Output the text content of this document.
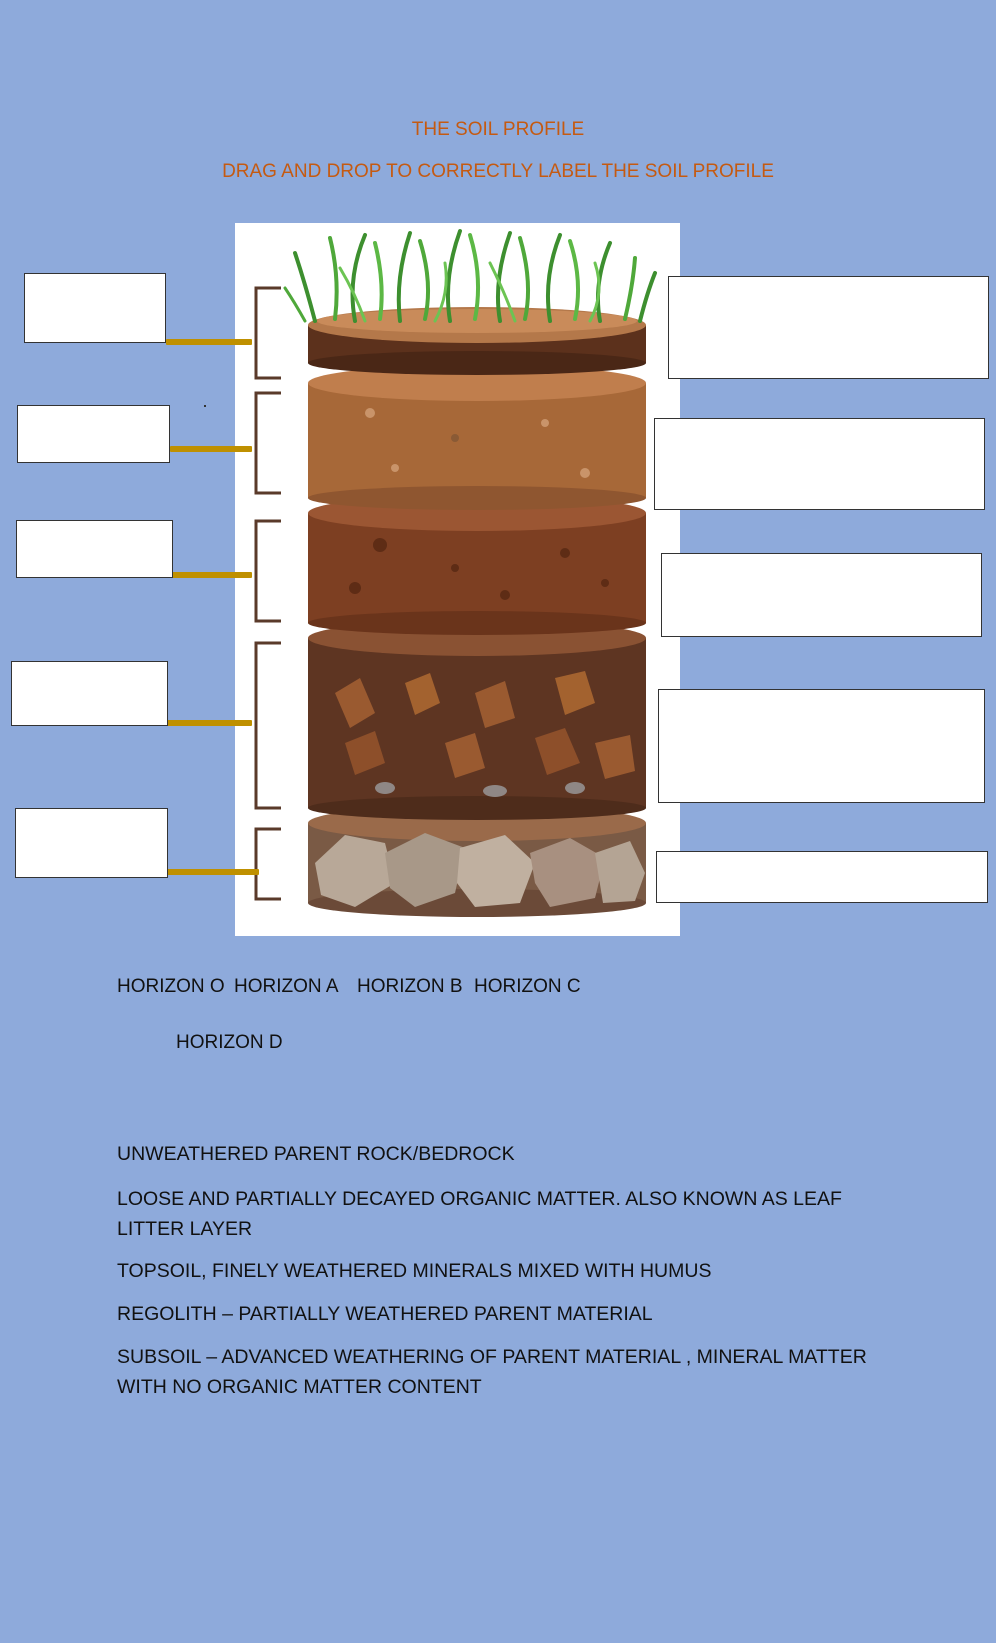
THE SOIL PROFILE
DRAG AND DROP TO CORRECTLY LABEL THE SOIL PROFILE
HORIZON O HORIZON A HORIZON B HORIZON C
HORIZON D
UNWEATHERED PARENT ROCK/BEDROCK
LOOSE AND PARTIALLY DECAYED ORGANIC MATTER. ALSO KNOWN AS LEAF LITTER LAYER
TOPSOIL, FINELY WEATHERED MINERALS MIXED WITH HUMUS
REGOLITH – PARTIALLY WEATHERED PARENT MATERIAL
SUBSOIL – ADVANCED WEATHERING OF PARENT MATERIAL , MINERAL MATTER WITH NO ORGANIC MATTER CONTENT
